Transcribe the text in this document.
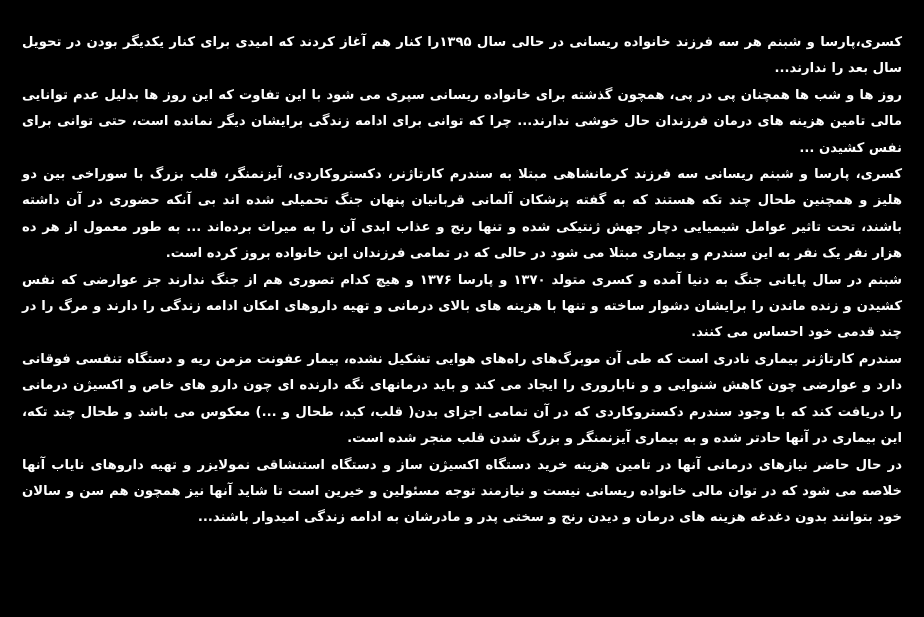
کسری،پارسا و شبنم هر سه فرزند خانواده ریسانی در حالی سال ۱۳۹۵را کنار هم آغاز کردند که امیدی برای کنار یکدیگر بودن در تحویل سال بعد را ندارند...

روز ها و شب ها همچنان پی در پی، همچون گذشته برای خانواده ریسانی سپری می شود با این تفاوت که این روز ها بدلیل عدم توانایی مالی تامین هزینه های درمان فرزندان حال خوشی ندارند... چرا که توانی برای ادامه زندگی برایشان دیگر نمانده است، حتی توانی برای نفس کشیدن ...

کسری، پارسا و شبنم ریسانی سه فرزند کرمانشاهی مبتلا به سندرم کارتاژنر، دکستروکاردی، آیزنمنگر، قلب بزرگ با سوراخی بین دو هلیز و همچنین طحال چند تکه هستند که به گفته پزشکان آلمانی قربانیان پنهان جنگ تحمیلی شده اند بی آنکه حضوری در آن داشته باشند، تحت تاثیر عوامل شیمیایی دچار جهش ژنتیکی شده و تنها رنج و عذاب ابدی آن را به میراث برده‌اند ... به طور معمول از هر ده هزار نفر یک نفر به این سندرم و بیماری مبتلا می شود در حالی که در تمامی فرزندان این خانواده بروز کرده است.

شبنم در سال پایانی جنگ به دنیا آمده و کسری متولد ۱۳۷۰ و پارسا ۱۳۷۶ و هیچ کدام تصوری هم از جنگ ندارند جز عوارضی که نفس کشیدن و زنده ماندن را برایشان دشوار ساخته و تنها با هزینه های بالای درمانی و تهیه داروهای امکان ادامه زندگی را دارند و مرگ را در چند قدمی خود احساس می کنند.

سندرم کارتاژنر بیماری نادری است که طی آن موبرگ‌های راه‌های هوایی تشکیل نشده، بیمار عفونت مزمن ریه و دستگاه تنفسی فوقانی دارد و عوارضی چون کاهش شنوایی و و ناباروری را ایجاد می کند و باید درمانهای نگه دارنده ای چون دارو های خاص و اکسیژن درمانی را دریافت کند که با وجود سندرم دکستروکاردی که در آن تمامی اجزای بدن( قلب، کبد، طحال و ...) معکوس می باشد و طحال چند تکه، این بیماری در آنها حادتر شده و به بیماری آیزنمنگر و بزرگ شدن قلب منجر شده است.

در حال حاضر نیازهای درمانی آنها در تامین هزینه خرید دستگاه اکسیژن ساز و دستگاه استنشاقی نمولایزر و تهیه داروهای نایاب آنها خلاصه می شود که در توان مالی خانواده ریسانی نیست و نیازمند توجه مسئولین و خیرین است تا شاید آنها نیز همچون هم سن و سالان خود بتوانند بدون دغدغه هزینه های درمان و دیدن رنج و سختی پدر و مادرشان به ادامه زندگی امیدوار باشند...
